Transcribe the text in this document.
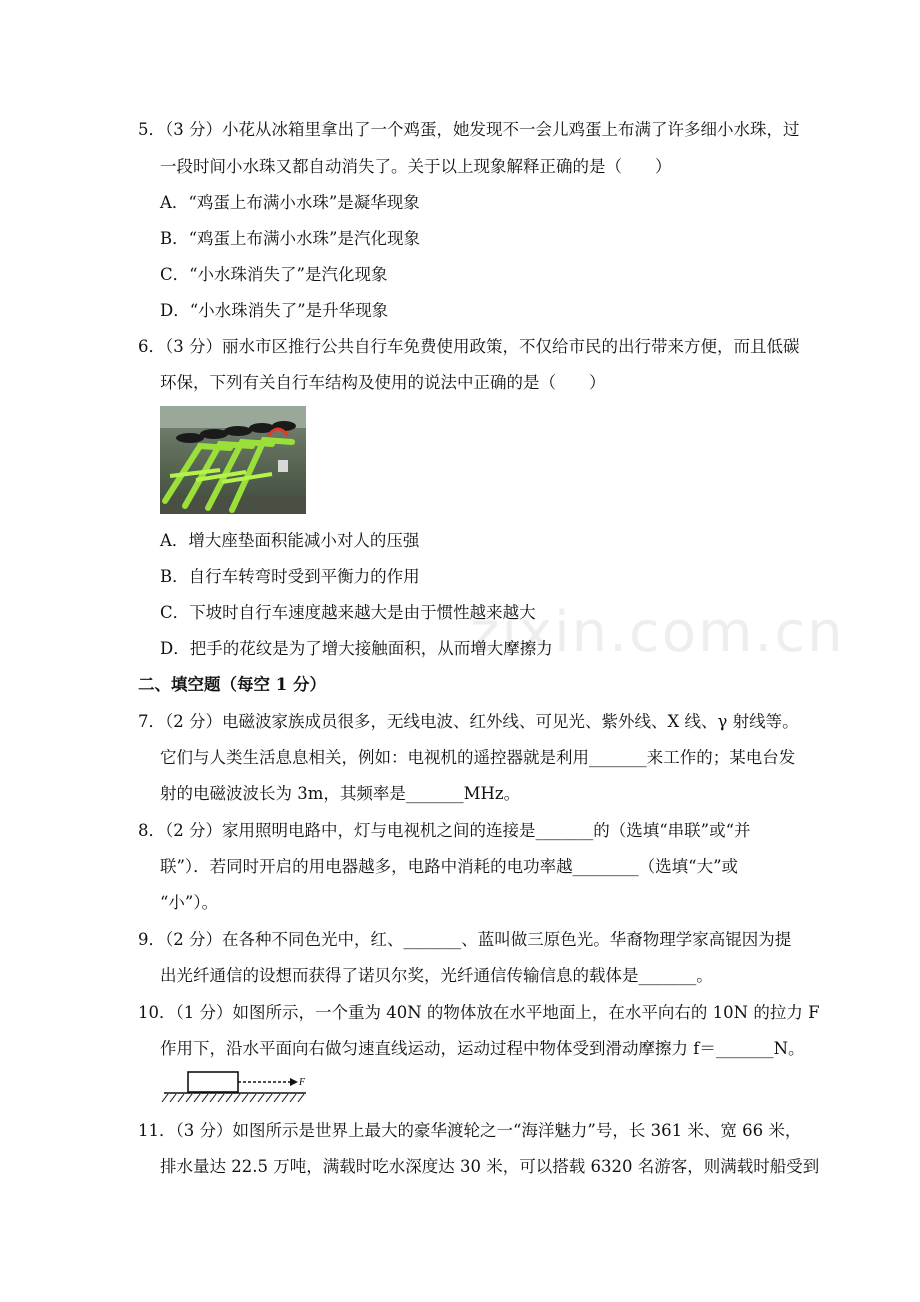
zixin.com.cn
5．（3 分）小花从冰箱里拿出了一个鸡蛋，她发现不一会儿鸡蛋上布满了许多细小水珠，过
一段时间小水珠又都自动消失了。关于以上现象解释正确的是（　　）
A．“鸡蛋上布满小水珠”是凝华现象
B．“鸡蛋上布满小水珠”是汽化现象
C．“小水珠消失了”是汽化现象
D．“小水珠消失了”是升华现象
6．（3 分）丽水市区推行公共自行车免费使用政策，不仅给市民的出行带来方便，而且低碳
环保，下列有关自行车结构及使用的说法中正确的是（　　）
A．增大座垫面积能减小对人的压强
B．自行车转弯时受到平衡力的作用
C．下坡时自行车速度越来越大是由于惯性越来越大
D．把手的花纹是为了增大接触面积，从而增大摩擦力
二、填空题（每空 1 分）
7．（2 分）电磁波家族成员很多，无线电波、红外线、可见光、紫外线、X 线、γ 射线等。
它们与人类生活息息相关，例如：电视机的遥控器就是利用_______来工作的；某电台发
射的电磁波波长为 3m，其频率是_______MHz。
8．（2 分）家用照明电路中，灯与电视机之间的连接是_______的（选填“串联”或“并
联”）．若同时开启的用电器越多，电路中消耗的电功率越________（选填“大”或
“小”）。
9．（2 分）在各种不同色光中，红、_______、蓝叫做三原色光。华裔物理学家高锟因为提
出光纤通信的设想而获得了诺贝尔奖，光纤通信传输信息的载体是_______。
10．（1 分）如图所示，一个重为 40N 的物体放在水平地面上，在水平向右的 10N 的拉力 F
作用下，沿水平面向右做匀速直线运动，运动过程中物体受到滑动摩擦力 f＝_______N。
F
11．（3 分）如图所示是世界上最大的豪华渡轮之一“海洋魅力”号，长 361 米、宽 66 米，
排水量达 22.5 万吨，满载时吃水深度达 30 米，可以搭载 6320 名游客，则满载时船受到
